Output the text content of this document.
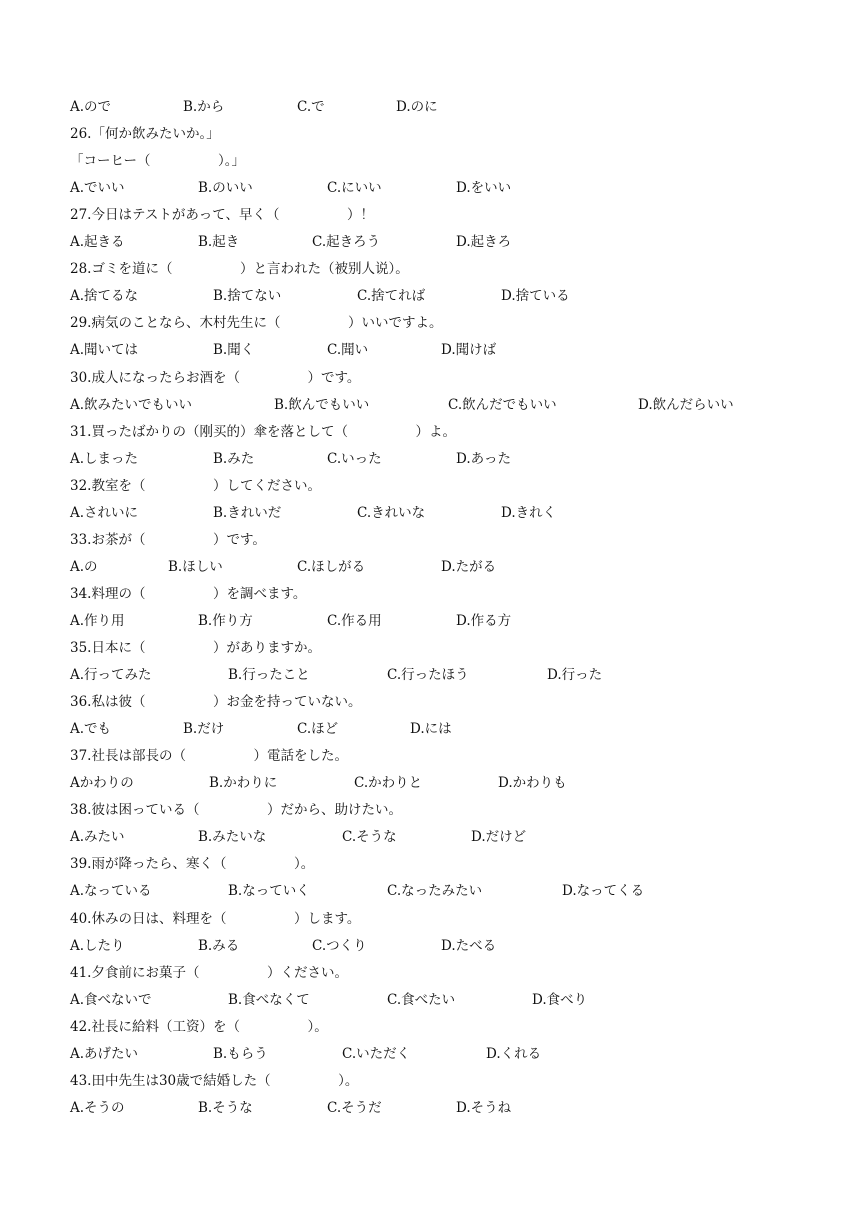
A.ので	B.から	C.で	D.のに
26.「何か飲みたいか。」
「コーヒー（　　　　　）。」
A.でいい	B.のいい	C.にいい	D.をいい
27.今日はテストがあって、早く（　　　　　）！
A.起きる	B.起き	C.起きろう	D.起きろ
28.ゴミを道に（　　　　　）と言われた（被别人说）。
A.捨てるな	B.捨てない	C.捨てれば	D.捨ている
29.病気のことなら、木村先生に（　　　　　）いいですよ。
A.聞いては	B.聞く	C.聞い	D.聞けば
30.成人になったらお酒を（　　　　　）です。
A.飲みたいでもいい	B.飲んでもいい	C.飲んだでもいい	D.飲んだらいい
31.買ったばかりの（刚买的）傘を落として（　　　　　）よ。
A.しまった	B.みた	C.いった	D.あった
32.教室を（　　　　　）してください。
A.されいに	B.きれいだ	C.きれいな	D.きれく
33.お茶が（　　　　　）です。
A.の	B.ほしい	C.ほしがる	D.たがる
34.料理の（　　　　　）を調べます。
A.作り用	B.作り方	C.作る用	D.作る方
35.日本に（　　　　　）がありますか。
A.行ってみた	B.行ったこと	C.行ったほう	D.行った
36.私は彼（　　　　　）お金を持っていない。
A.でも	B.だけ	C.ほど	D.には
37.社長は部長の（　　　　　）電話をした。
Aかわりの	B.かわりに	C.かわりと	D.かわりも
38.彼は困っている（　　　　　）だから、助けたい。
A.みたい	B.みたいな	C.そうな	D.だけど
39.雨が降ったら、寒く（　　　　　）。
A.なっている	B.なっていく	C.なったみたい	D.なってくる
40.休みの日は、料理を（　　　　　）します。
A.したり	B.みる	C.つくり	D.たべる
41.夕食前にお菓子（　　　　　）ください。
A.食べないで	B.食べなくて	C.食べたい	D.食べり
42.社長に給料（工资）を（　　　　　）。
A.あげたい	B.もらう	C.いただく	D.くれる
43.田中先生は30歳で結婚した（　　　　　）。
A.そうの	B.そうな	C.そうだ	D.そうね
